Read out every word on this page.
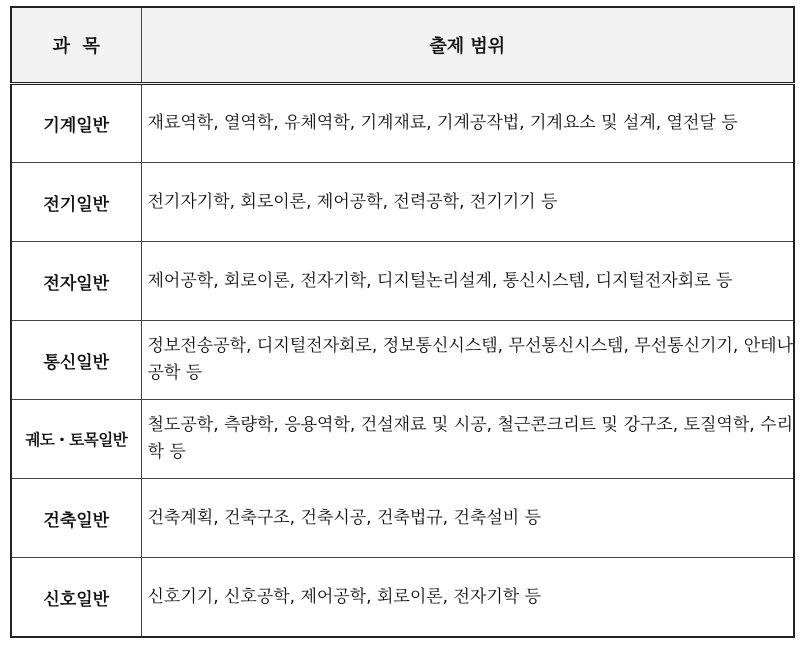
과  목	출제 범위
기계일반	재료역학, 열역학, 유체역학, 기계재료, 기계공작법, 기계요소 및 설계, 열전달 등
전기일반	전기자기학, 회로이론, 제어공학, 전력공학, 전기기기 등
전자일반	제어공학, 회로이론, 전자기학, 디지털논리설계, 통신시스템, 디지털전자회로 등
통신일반	정보전송공학, 디지털전자회로, 정보통신시스템, 무선통신시스템, 무선통신기기, 안테나공학 등
궤도・토목일반	철도공학, 측량학, 응용역학, 건설재료 및 시공, 철근콘크리트 및 강구조, 토질역학, 수리학 등
건축일반	건축계획, 건축구조, 건축시공, 건축법규, 건축설비 등
신호일반	신호기기, 신호공학, 제어공학, 회로이론, 전자기학 등
